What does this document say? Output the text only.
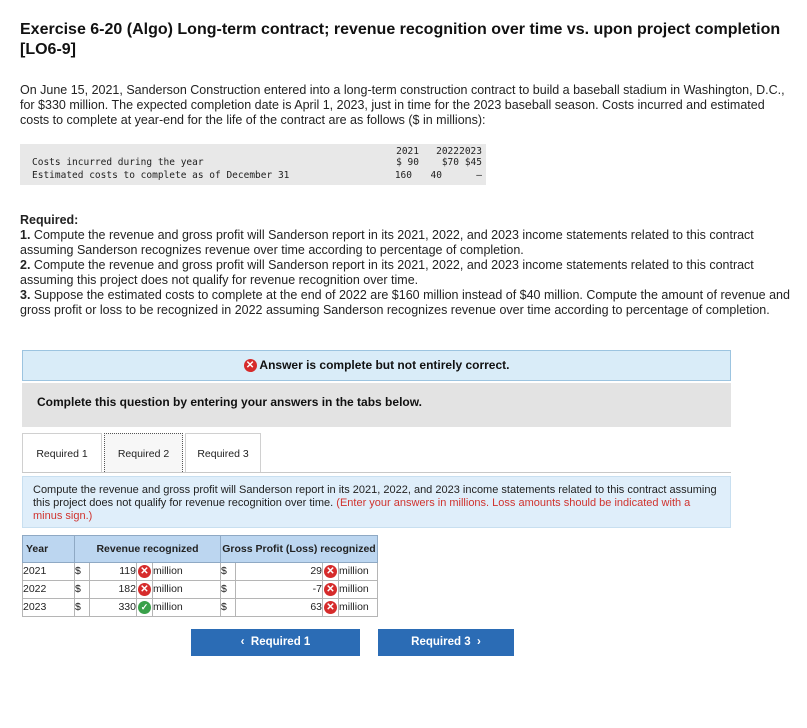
Exercise 6-20 (Algo) Long-term contract; revenue recognition over time vs. upon project completion [LO6-9]
On June 15, 2021, Sanderson Construction entered into a long-term construction contract to build a baseball stadium in Washington, D.C., for $330 million. The expected completion date is April 1, 2023, just in time for the 2023 baseball season. Costs incurred and estimated costs to complete at year-end for the life of the contract are as follows ($ in millions):
2021	2022 2023
Costs incurred during the year	$ 90	$70 $45
Estimated costs to complete as of December 31	160	40	–
Required:
1. Compute the revenue and gross profit will Sanderson report in its 2021, 2022, and 2023 income statements related to this contract assuming Sanderson recognizes revenue over time according to percentage of completion.
2. Compute the revenue and gross profit will Sanderson report in its 2021, 2022, and 2023 income statements related to this contract assuming this project does not qualify for revenue recognition over time.
3. Suppose the estimated costs to complete at the end of 2022 are $160 million instead of $40 million. Compute the amount of revenue and gross profit or loss to be recognized in 2022 assuming Sanderson recognizes revenue over time according to percentage of completion.
✕ Answer is complete but not entirely correct.
Complete this question by entering your answers in the tabs below.
Required 1	Required 2	Required 3
Compute the revenue and gross profit will Sanderson report in its 2021, 2022, and 2023 income statements related to this contract assuming this project does not qualify for revenue recognition over time. (Enter your answers in millions. Loss amounts should be indicated with a minus sign.)
Year	Revenue recognized				Gross Profit (Loss) recognized			
2021	$	119	✕	million	$	29	✕	million
2022	$	182	✕	million	$	-7	✕	million
2023	$	330	✓	million	$	63	✕	million
‹ Required 1	Required 3 ›
